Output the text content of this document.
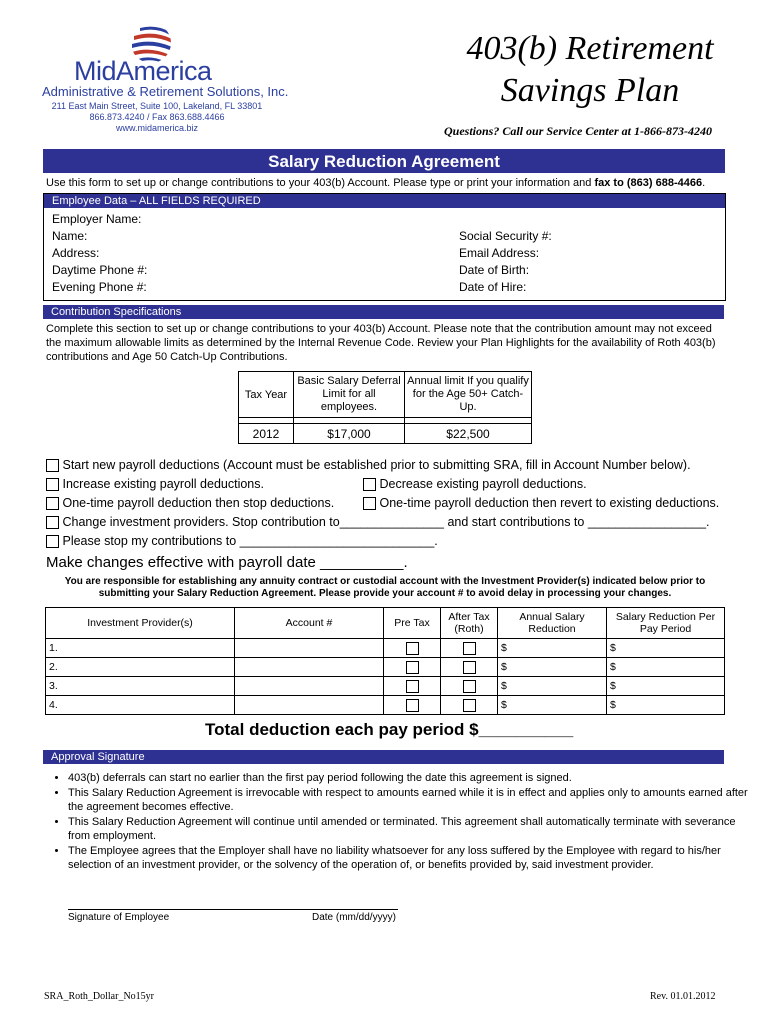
MidAmerica
Administrative & Retirement Solutions, Inc.
211 East Main Street, Suite 100, Lakeland, FL 33801
866.873.4240 / Fax 863.688.4466
www.midamerica.biz
403(b) Retirement
Savings Plan
Questions? Call our Service Center at 1-866-873-4240
Salary Reduction Agreement
Use this form to set up or change contributions to your 403(b) Account. Please type or print your information and fax to (863) 688-4466.
Employee Data – ALL FIELDS REQUIRED
Employer Name:
Name:	Social Security #:
Address:	Email Address:
Daytime Phone #:	Date of Birth:
Evening Phone #:	Date of Hire:
Contribution Specifications
Complete this section to set up or change contributions to your 403(b) Account. Please note that the contribution amount may not exceed the maximum allowable limits as determined by the Internal Revenue Code. Review your Plan Highlights for the availability of Roth 403(b) contributions and Age 50 Catch-Up Contributions.
Tax Year	Basic Salary Deferral Limit for all employees.	Annual limit If you qualify for the Age 50+ Catch-Up.

2012	$17,000	$22,500
Start new payroll deductions (Account must be established prior to submitting SRA, fill in Account Number below).
Increase existing payroll deductions.	Decrease existing payroll deductions.
One-time payroll deduction then stop deductions.	One-time payroll deduction then revert to existing deductions.
Change investment providers. Stop contribution to_______________ and start contributions to _________________.
Please stop my contributions to ____________________________.
Make changes effective with payroll date __________.
You are responsible for establishing any annuity contract or custodial account with the Investment Provider(s) indicated below prior to submitting your Salary Reduction Agreement. Please provide your account # to avoid delay in processing your changes.
Investment Provider(s)	Account #	Pre Tax	After Tax (Roth)	Annual Salary Reduction	Salary Reduction Per Pay Period
1.				$	$
2.				$	$
3.				$	$
4.				$	$
Total deduction each pay period $__________
Approval Signature
• 403(b) deferrals can start no earlier than the first pay period following the date this agreement is signed.
• This Salary Reduction Agreement is irrevocable with respect to amounts earned while it is in effect and applies only to amounts earned after the agreement becomes effective.
• This Salary Reduction Agreement will continue until amended or terminated. This agreement shall automatically terminate with severance from employment.
• The Employee agrees that the Employer shall have no liability whatsoever for any loss suffered by the Employee with regard to his/her selection of an investment provider, or the solvency of the operation of, or benefits provided by, said investment provider.
Signature of Employee	Date (mm/dd/yyyy)
SRA_Roth_Dollar_No15yr	Rev. 01.01.2012
